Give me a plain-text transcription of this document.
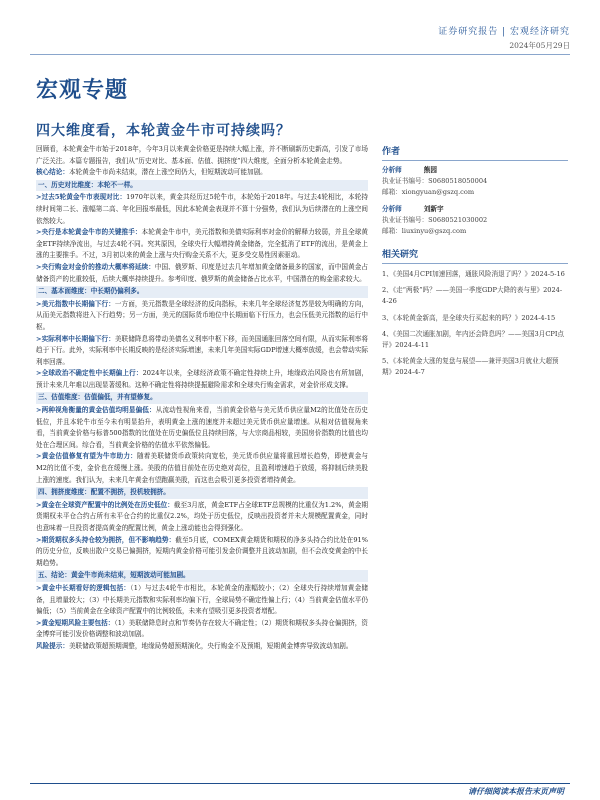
证券研究报告 | 宏观经济研究
2024年05月29日
宏观专题
四大维度看，本轮黄金牛市可持续吗？

回顾看，本轮黄金牛市始于2018年，今年3月以来黄金价格更是持续大幅上涨，并不断刷新历史新高，引发了市场广泛关注。本篇专题报告，我们从“历史对比、基本面、估值、拥挤度”四大维度，全面分析本轮黄金走势。

核心结论：本轮黄金牛市尚未结束，潜在上涨空间仍大，但短期波动可能加剧。

一、历史对比维度：本轮不一样。

>过去5轮黄金牛市表现对比：1970年以来，黄金共经历过5轮牛市，本轮始于2018年。与过去4轮相比，本轮持续时间第二长、涨幅第二高、年化回报率最低，因此本轮黄金表现并不算十分强势，我们认为后续潜在的上涨空间依然较大。

>央行是本轮黄金牛市的关键推手：本轮黄金牛市中，美元指数和美债实际利率对金价的解释力较弱，并且全球黄金ETF持续净流出，与过去4轮不同。究其原因，全球央行大幅增持黄金储备，完全抵消了ETF的流出，是黄金上涨的主要推手。不过，3月初以来的黄金上涨与央行购金关系不大，更多受交易性因素驱动。

>央行购金对金价的推动大概率将延续：中国、俄罗斯、印度是过去几年增加黄金储备最多的国家，而中国黄金占储备资产的比重较低，后续大概率持续提升。参考印度、俄罗斯的黄金储备占比水平，中国潜在的购金需求较大。

二、基本面维度：中长期仍偏利多。

>美元指数中长期偏下行：一方面，美元指数是全球经济的反向指标，未来几年全球经济复苏是较为明确的方向，从而美元指数将进入下行趋势；另一方面，美元的国际货币地位中长期面临下行压力，也会压低美元指数的运行中枢。

>实际利率中长期偏下行：美联储降息将带动美债名义利率中枢下移，而美国通胀回落空间有限，从而实际利率将趋于下行。此外，实际利率中长期反映的是经济实际增速，未来几年美国实际GDP增速大概率放缓，也会带动实际利率回落。

>全球政治不确定性中长期偏上行：2024年以来，全球经济政策不确定性持续上升，地缘政治风险也有所加剧，预计未来几年难以出现显著缓和。这种不确定性将持续提振避险需求和全球央行购金需求，对金价形成支撑。

三、估值维度：估值偏低，并有望修复。

>两种视角衡量的黄金估值均明显偏低：从流动性视角来看，当前黄金价格与美元货币供应量M2的比值处在历史低位，并且本轮牛市至今未有明显抬升，表明黄金上涨的速度并未超过美元货币供应量增速。从相对估值视角来看，当前黄金价格与标普500指数的比值处在历史偏低位且持续回落，与大宗商品相较，美国房价指数的比值也均处在合理区间。综合看，当前黄金价格的估值水平依然偏低。

>黄金估值修复有望为牛市助力：随着美联储货币政策转向宽松，美元货币供应量将重回增长趋势，即使黄金与M2的比值不变，金价也在缓慢上涨。美股的估值目前处在历史绝对高位，且盈利增速趋于放缓，将抑制后续美股上涨的速度。我们认为，未来几年黄金有望跑赢美股，而这也会吸引更多投资者增持黄金。

四、拥挤度维度：配置不拥挤，投机较拥挤。

>黄金在全球资产配置中的比例处在历史低位：截至3月底，黄金ETF占全球ETF总规模的比重仅为1.2%，黄金期货期权未平仓合约占所有未平仓合约的比重仅2.2%，均处于历史低位，反映出投资者并未大规模配置黄金，同时也意味着一旦投资者提高黄金的配置比例，黄金上涨动能也会得到强化。

>期货期权多头持仓较为拥挤，但不影响趋势：截至5月底，COMEX黄金期货和期权的净多头持合约比处在91%的历史分位，反映出散户交易已偏拥挤，短期内黄金价格可能引发金价调整并且波动加剧，但不会改变黄金的中长期趋势。

五、结论：黄金牛市尚未结束，短期波动可能加剧。

>黄金中长期看好的逻辑包括：（1）与过去4轮牛市相比，本轮黄金的涨幅较小；（2）全球央行持续增加黄金储备，且增量较大；（3）中长期美元指数和实际利率均偏下行，全球局势不确定性偏上行；（4）当前黄金估值水平仍偏低；（5）当前黄金在全球资产配置中的比例较低，未来有望吸引更多投资者增配。

>黄金短期风险主要包括：（1）美联储降息时点和节奏仍存在较大不确定性；（2）期货和期权多头持仓偏拥挤，资金博弈可能引发价格调整和波动加剧。

风险提示：美联储政策超预期调整，地缘局势超预期演化，央行购金不及预期，短期黄金博弈导致波动加剧。

作者
分析师	熊园
执业证书编号：S0680518050004
邮箱：xiongyuan@gszq.com
分析师	刘新宇
执业证书编号：S0680521030002
邮箱：liuxinyu@gszq.com
相关研究
1、《美国4月CPI加速回落，通胀风险消退了吗？》2024-5-16
2、《走“两极”吗？——美国一季度GDP大降的表与里》2024-4-26
3、《本轮黄金新高，是全球央行买起来的吗？》2024-4-15
4、《美国二次通胀加剧，年内还会降息吗？——美国3月CPI点评》2024-4-11
5、《本轮黄金大涨的复盘与展望——兼评美国3月就业大超预期》2024-4-7
请仔细阅读本报告末页声明
